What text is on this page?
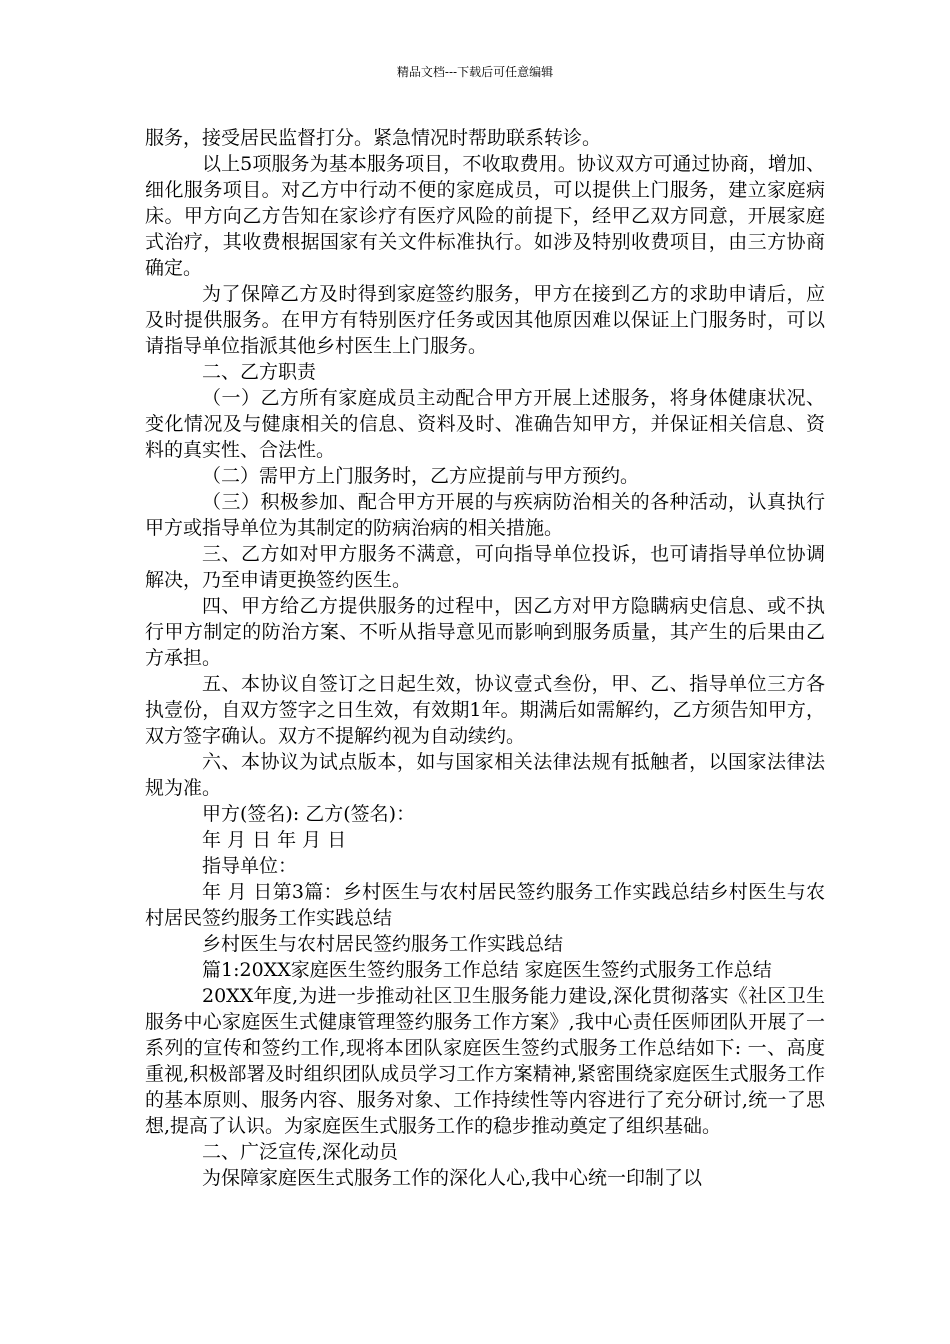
精品文档---下载后可任意编辑

服务，接受居民监督打分。紧急情况时帮助联系转诊。

以上5项服务为基本服务项目，不收取费用。协议双方可通过协商，增加、细化服务项目。对乙方中行动不便的家庭成员，可以提供上门服务，建立家庭病床。甲方向乙方告知在家诊疗有医疗风险的前提下，经甲乙双方同意，开展家庭式治疗，其收费根据国家有关文件标准执行。如涉及特别收费项目，由三方协商确定。

为了保障乙方及时得到家庭签约服务，甲方在接到乙方的求助申请后，应及时提供服务。在甲方有特别医疗任务或因其他原因难以保证上门服务时，可以请指导单位指派其他乡村医生上门服务。

二、乙方职责

（一）乙方所有家庭成员主动配合甲方开展上述服务，将身体健康状况、变化情况及与健康相关的信息、资料及时、准确告知甲方，并保证相关信息、资料的真实性、合法性。

（二）需甲方上门服务时，乙方应提前与甲方预约。

（三）积极参加、配合甲方开展的与疾病防治相关的各种活动，认真执行甲方或指导单位为其制定的防病治病的相关措施。

三、乙方如对甲方服务不满意，可向指导单位投诉，也可请指导单位协调解决，乃至申请更换签约医生。

四、甲方给乙方提供服务的过程中，因乙方对甲方隐瞒病史信息、或不执行甲方制定的防治方案、不听从指导意见而影响到服务质量，其产生的后果由乙方承担。

五、本协议自签订之日起生效，协议壹式叁份，甲、乙、指导单位三方各执壹份，自双方签字之日生效，有效期1年。期满后如需解约，乙方须告知甲方，双方签字确认。双方不提解约视为自动续约。

六、本协议为试点版本，如与国家相关法律法规有抵触者，以国家法律法规为准。

甲方(签名): 乙方(签名)：

年 月 日 年 月 日

指导单位：

年 月 日第3篇：乡村医生与农村居民签约服务工作实践总结乡村医生与农村居民签约服务工作实践总结

乡村医生与农村居民签约服务工作实践总结

篇1:20XX家庭医生签约服务工作总结 家庭医生签约式服务工作总结

20XX年度,为进一步推动社区卫生服务能力建设,深化贯彻落实《社区卫生服务中心家庭医生式健康管理签约服务工作方案》,我中心责任医师团队开展了一系列的宣传和签约工作,现将本团队家庭医生签约式服务工作总结如下: 一、高度重视,积极部署及时组织团队成员学习工作方案精神,紧密围绕家庭医生式服务工作的基本原则、服务内容、服务对象、工作持续性等内容进行了充分研讨,统一了思想,提高了认识。为家庭医生式服务工作的稳步推动奠定了组织基础。

二、广泛宣传,深化动员

为保障家庭医生式服务工作的深化人心,我中心统一印制了以
